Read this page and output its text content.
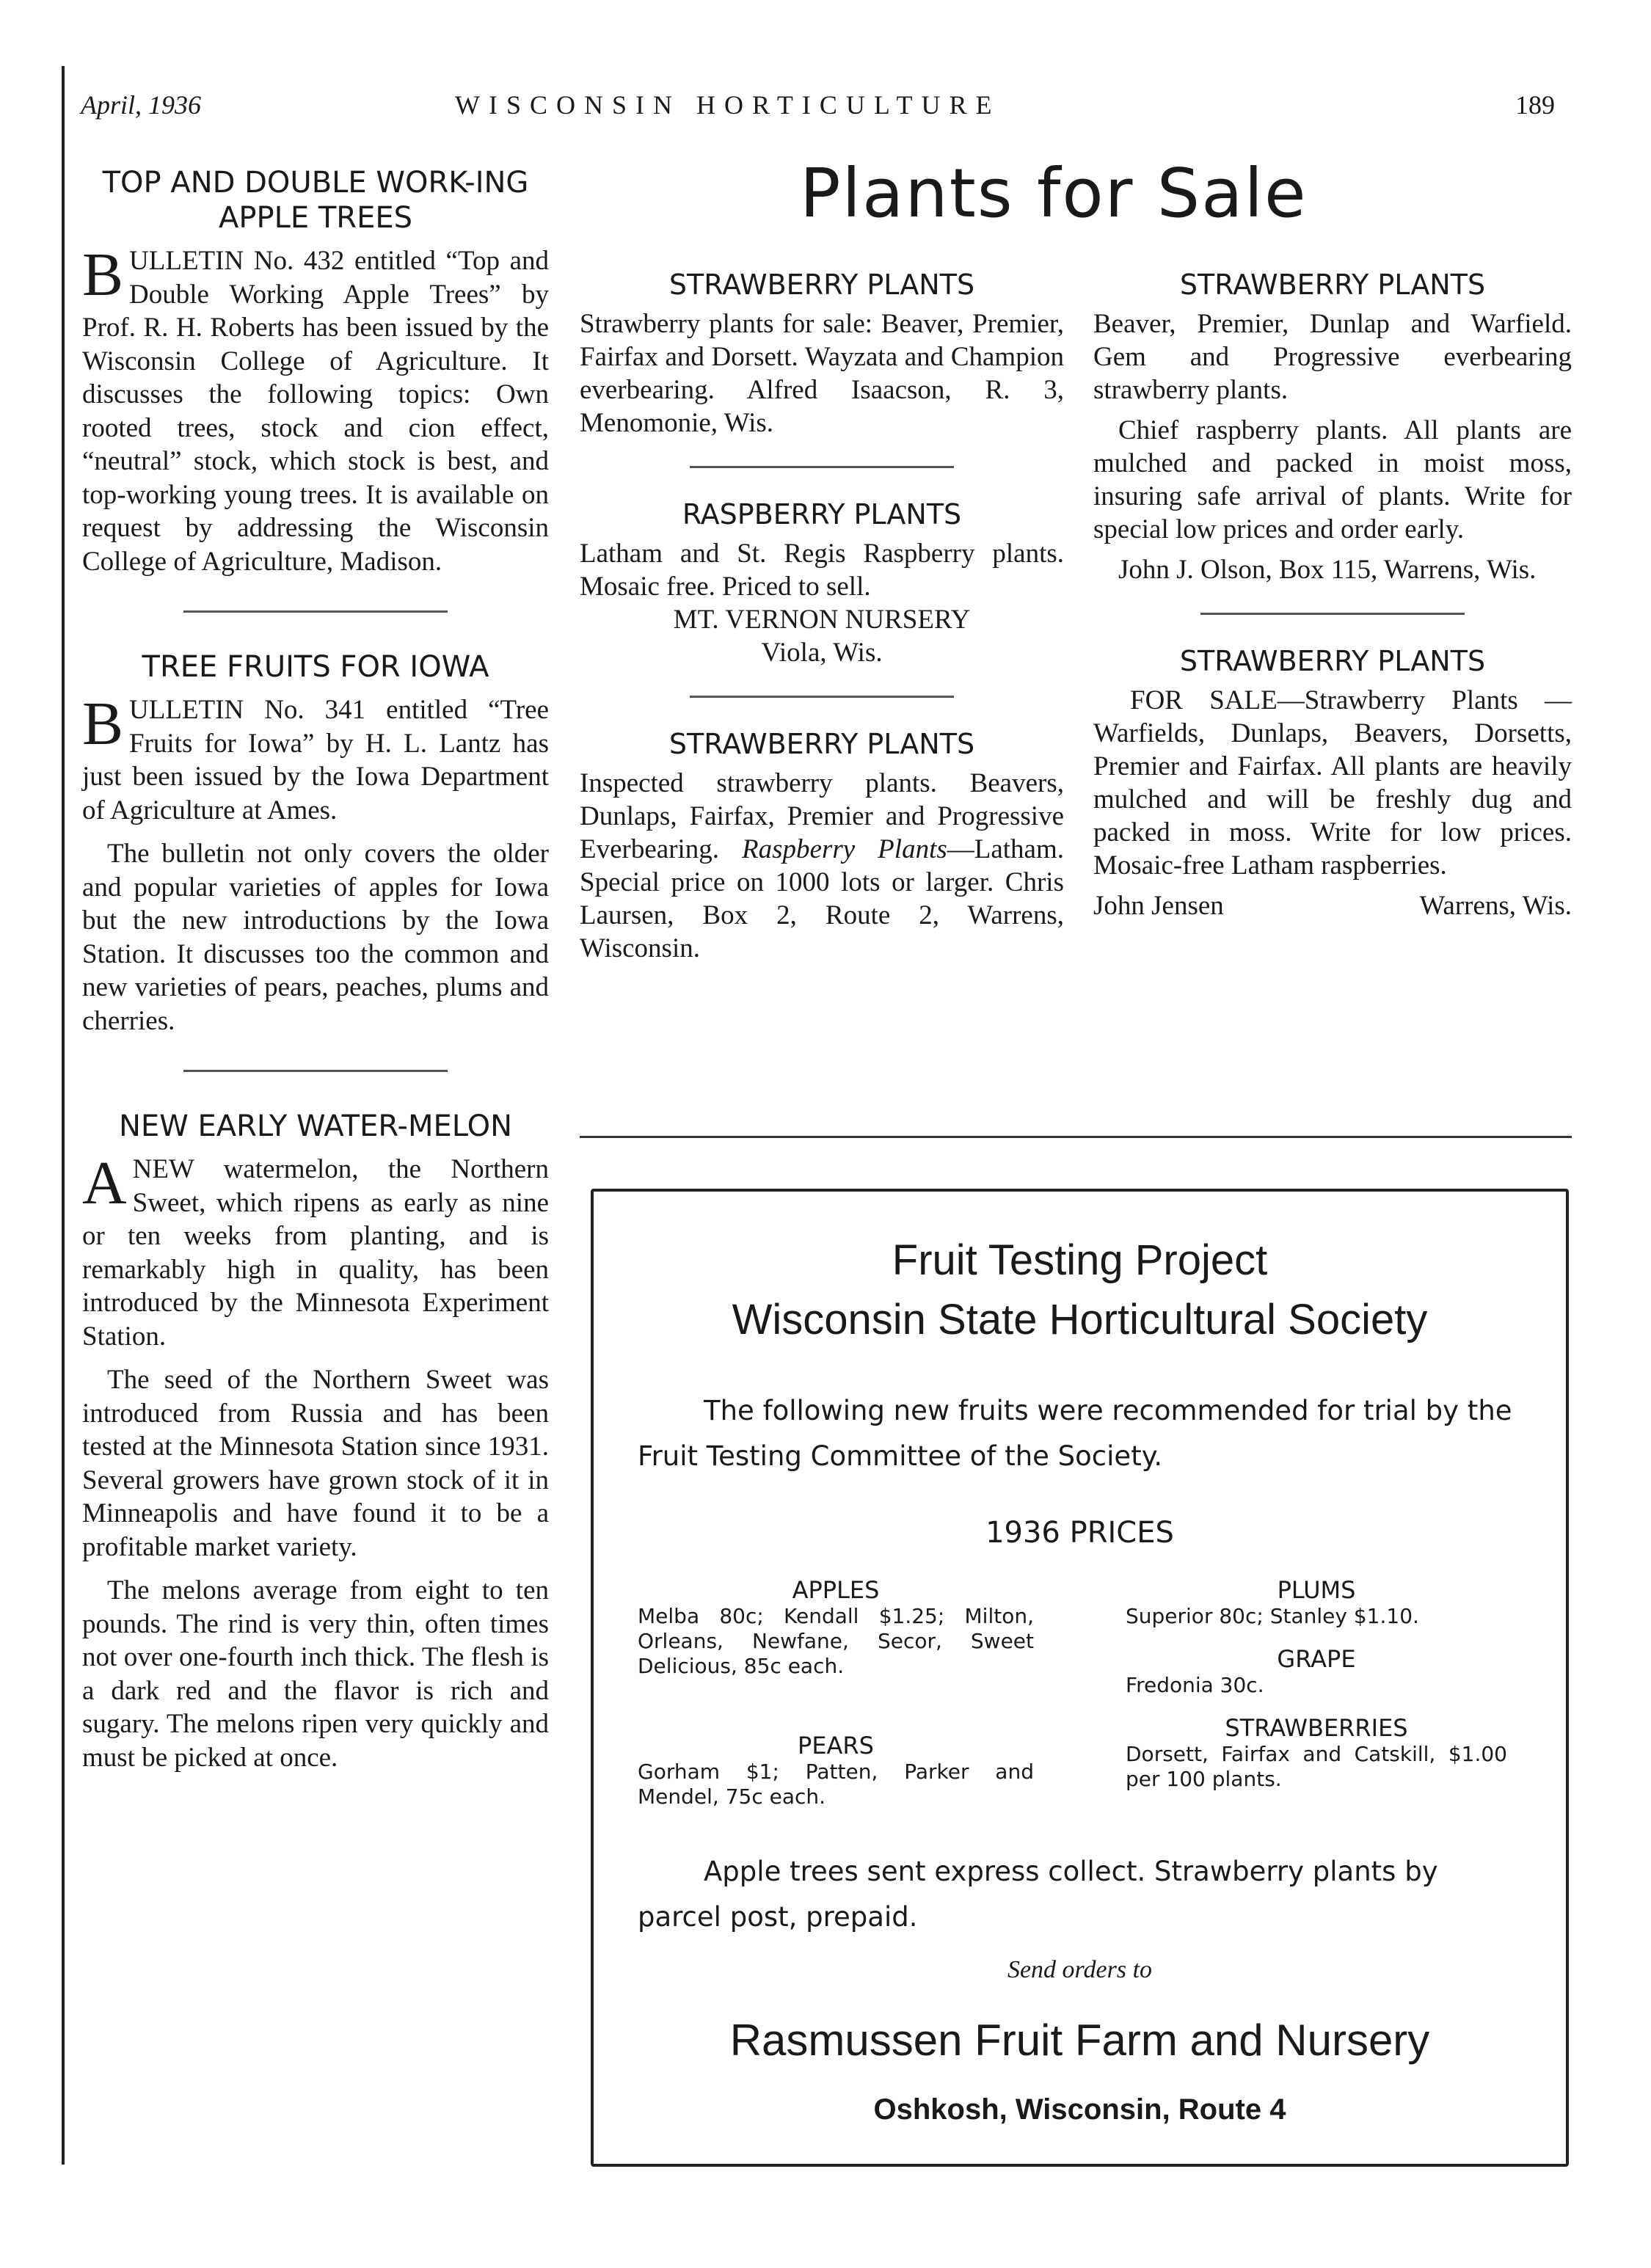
April, 1936	WISCONSIN HORTICULTURE	189
TOP AND DOUBLE WORK-ING APPLE TREES

BULLETIN No. 432 entitled “Top and Double Working Apple Trees” by Prof. R. H. Roberts has been issued by the Wisconsin College of Agriculture. It discusses the following topics: Own rooted trees, stock and cion effect, “neutral” stock, which stock is best, and top-working young trees. It is available on request by addressing the Wisconsin College of Agriculture, Madison.

TREE FRUITS FOR IOWA

BULLETIN No. 341 entitled “Tree Fruits for Iowa” by H. L. Lantz has just been issued by the Iowa Department of Agriculture at Ames.

The bulletin not only covers the older and popular varieties of apples for Iowa but the new introductions by the Iowa Station. It discusses too the common and new varieties of pears, peaches, plums and cherries.

NEW EARLY WATER-MELON

ANEW watermelon, the Northern Sweet, which ripens as early as nine or ten weeks from planting, and is remarkably high in quality, has been introduced by the Minnesota Experiment Station.

The seed of the Northern Sweet was introduced from Russia and has been tested at the Minnesota Station since 1931. Several growers have grown stock of it in Minneapolis and have found it to be a profitable market variety.

The melons average from eight to ten pounds. The rind is very thin, often times not over one-fourth inch thick. The flesh is a dark red and the flavor is rich and sugary. The melons ripen very quickly and must be picked at once.

Plants for Sale
STRAWBERRY PLANTS

Strawberry plants for sale: Beaver, Premier, Fairfax and Dorsett. Wayzata and Champion everbearing. Alfred Isaacson, R. 3, Menomonie, Wis.

RASPBERRY PLANTS

Latham and St. Regis Raspberry plants. Mosaic free. Priced to sell.

MT. VERNON NURSERY

Viola, Wis.

STRAWBERRY PLANTS

Inspected strawberry plants. Beavers, Dunlaps, Fairfax, Premier and Progressive Everbearing. Raspberry Plants—Latham. Special price on 1000 lots or larger. Chris Laursen, Box 2, Route 2, Warrens, Wisconsin.

STRAWBERRY PLANTS

Beaver, Premier, Dunlap and Warfield. Gem and Progressive everbearing strawberry plants.

Chief raspberry plants. All plants are mulched and packed in moist moss, insuring safe arrival of plants. Write for special low prices and order early.

John J. Olson, Box 115, Warrens, Wis.

STRAWBERRY PLANTS

FOR SALE—Strawberry Plants — Warfields, Dunlaps, Beavers, Dorsetts, Premier and Fairfax. All plants are heavily mulched and will be freshly dug and packed in moss. Write for low prices. Mosaic-free Latham raspberries.

John Jensen	Warrens, Wis.

Fruit Testing Project

Wisconsin State Horticultural Society

The following new fruits were recommended for trial by the Fruit Testing Committee of the Society.

1936 PRICES

APPLES

Melba 80c; Kendall $1.25; Milton, Orleans, Newfane, Secor, Sweet Delicious, 85c each.

PEARS

Gorham $1; Patten, Parker and Mendel, 75c each.

PLUMS

Superior 80c; Stanley $1.10.

GRAPE

Fredonia 30c.

STRAWBERRIES

Dorsett, Fairfax and Catskill, $1.00 per 100 plants.

Apple trees sent express collect. Strawberry plants by parcel post, prepaid.

Send orders to

Rasmussen Fruit Farm and Nursery

Oshkosh, Wisconsin, Route 4
